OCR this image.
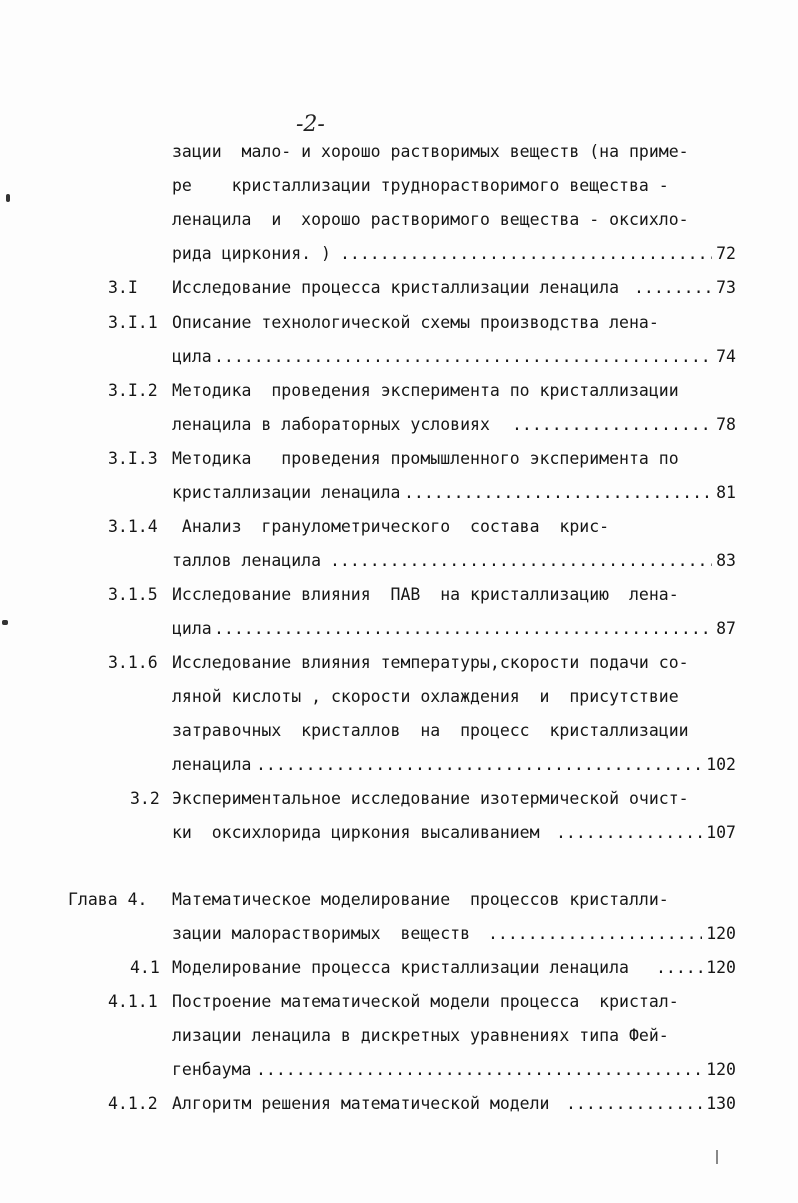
-2-
зации  мало- и хорошо растворимых веществ (на приме-
ре    кристаллизации труднорастворимого вещества -
ленацила  и  хорошо растворимого вещества - оксихло-
рида циркония. ) .....	72
3.I Исследование процесса кристаллизации ленацила .....	73
3.I.1 Описание технологической схемы производства лена-
цила .....	74
3.I.2 Методика  проведения эксперимента по кристаллизации
ленацила в лабораторных условиях .....	78
3.I.3 Методика   проведения промышленного эксперимента по
кристаллизации ленацила .....	81
3.1.4 Анализ  гранулометрического  состава  крис-
таллов ленацила .....	83
3.1.5 Исследование влияния  ПАВ  на кристаллизацию  лена-
цила .....	87
3.1.6 Исследование влияния температуры,скорости подачи со-
ляной кислоты , скорости охлаждения  и  присутствие
затравочных  кристаллов  на  процесс  кристаллизации
ленацила .....	102
3.2 Экспериментальное исследование изотермической очист-
ки  оксихлорида циркония высаливанием .....	107
Глава 4. Математическое моделирование  процессов кристалли-
зации малорастворимых  веществ .....	120
4.1 Моделирование процесса кристаллизации ленацила .....	120
4.1.1 Построение математической модели процесса  кристал-
лизации ленацила в дискретных уравнениях типа Фей-
генбаума .....	120
4.1.2 Алгоритм решения математической модели .....	130
